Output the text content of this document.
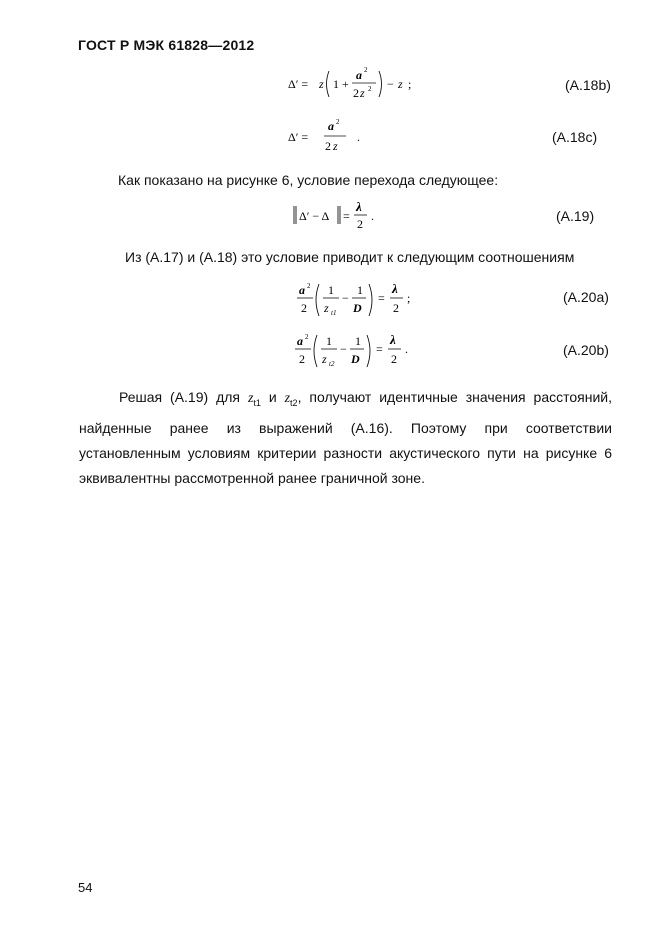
ГОСТ Р МЭК 61828—2012
Δ′ = z 1 +
a 2
2 z 2 − z ;	(A.18b)
Δ′ =
a 2
2 z
.	(A.18c)
Как показано на рисунке 6, условие перехода следующее:
Δ′ − Δ =
λ
2
.	(A.19)
Из (A.17) и (A.18) это условие приводит к следующим соотношениям
a 2
2
1
z t1
−
1
D
=
λ
2
;	(A.20a)
a 2
2
1
z t2
−
1
D
=
λ
2
.	(A.20b)
Решая (A.19) для $z_{t1}$ и $z_{t2}$, получают идентичные значения расстояний, найденные ранее из выражений (A.16). Поэтому при соответствии установленным условиям критерии разности акустического пути на рисунке 6 эквивалентны рассмотренной ранее граничной зоне.
54
